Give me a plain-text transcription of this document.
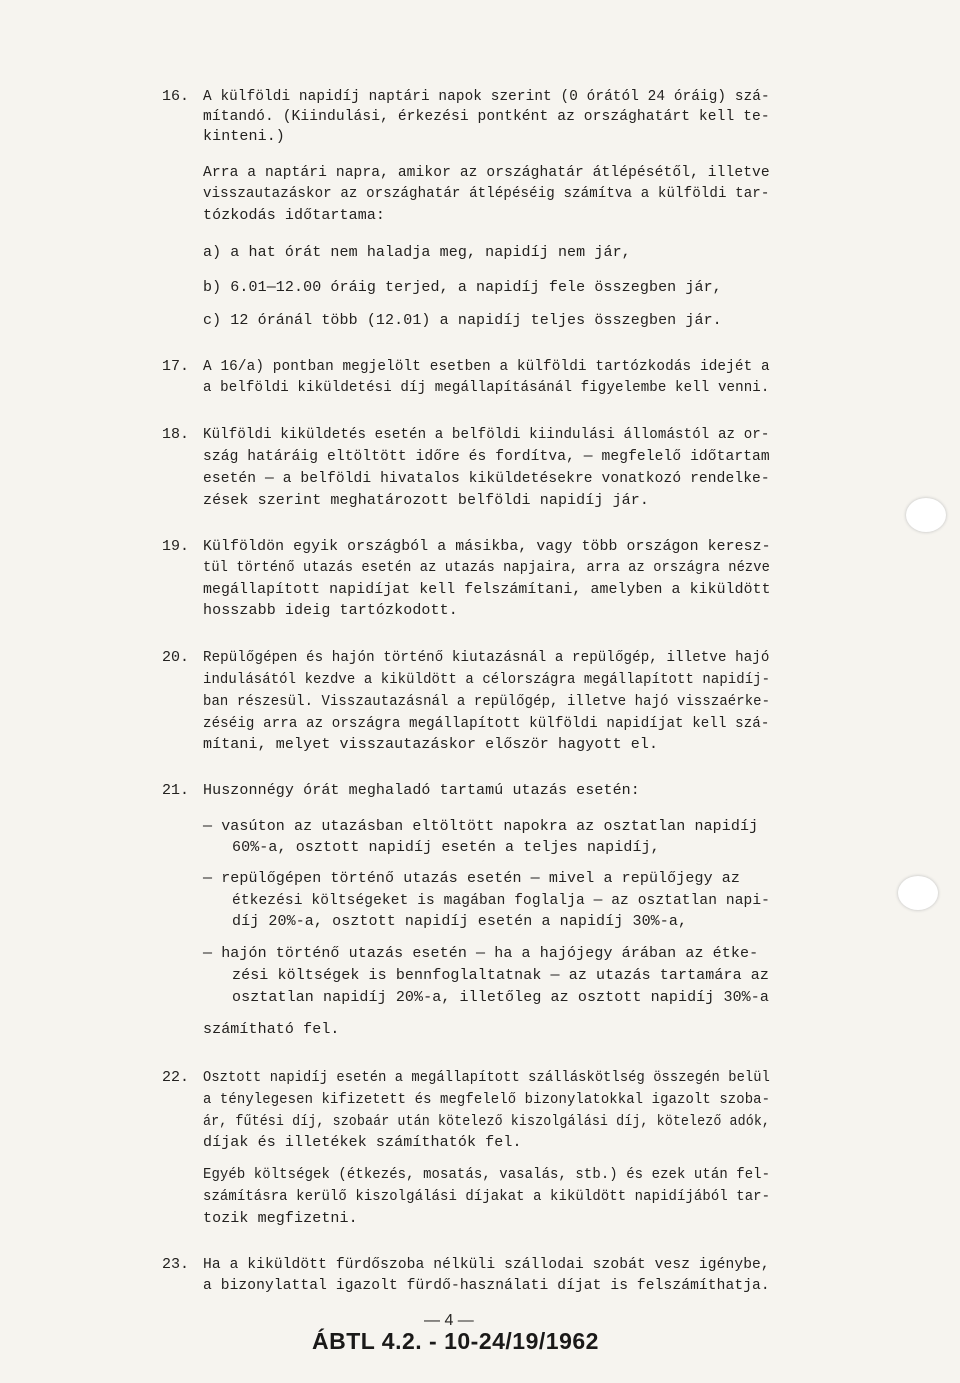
16. A külföldi napidíj naptári napok szerint (0 órától 24 óráig) szá-
mítandó. (Kiindulási, érkezési pontként az országhatárt kell te-
kinteni.)
Arra a naptári napra, amikor az országhatár átlépésétől, illetve
visszautazáskor az országhatár átlépéséig számítva a külföldi tar-
tózkodás időtartama:
a) a hat órát nem haladja meg, napidíj nem jár,
b) 6.01—12.00 óráig terjed, a napidíj fele összegben jár,
c) 12 óránál több (12.01) a napidíj teljes összegben jár.
17. A 16/a) pontban megjelölt esetben a külföldi tartózkodás idejét a
a belföldi kiküldetési díj megállapításánál figyelembe kell venni.
18. Külföldi kiküldetés esetén a belföldi kiindulási állomástól az or-
szág határáig eltöltött időre és fordítva, — megfelelő időtartam
esetén — a belföldi hivatalos kiküldetésekre vonatkozó rendelke-
zések szerint meghatározott belföldi napidíj jár.
19. Külföldön egyik országból a másikba, vagy több országon keresz-
tül történő utazás esetén az utazás napjaira, arra az országra nézve
megállapított napidíjat kell felszámítani, amelyben a kiküldött
hosszabb ideig tartózkodott.
20. Repülőgépen és hajón történő kiutazásnál a repülőgép, illetve hajó
indulásától kezdve a kiküldött a célországra megállapított napidíj-
ban részesül. Visszautazásnál a repülőgép, illetve hajó visszaérke-
zéséig arra az országra megállapított külföldi napidíjat kell szá-
mítani, melyet visszautazáskor először hagyott el.
21. Huszonnégy órát meghaladó tartamú utazás esetén:
— vasúton az utazásban eltöltött napokra az osztatlan napidíj
60%-a, osztott napidíj esetén a teljes napidíj,
— repülőgépen történő utazás esetén — mivel a repülőjegy az
étkezési költségeket is magában foglalja — az osztatlan napi-
díj 20%-a, osztott napidíj esetén a napidíj 30%-a,
— hajón történő utazás esetén — ha a hajójegy árában az étke-
zési költségek is bennfoglaltatnak — az utazás tartamára az
osztatlan napidíj 20%-a, illetőleg az osztott napidíj 30%-a
számítható fel.
22. Osztott napidíj esetén a megállapított szálláskötlség összegén belül
a ténylegesen kifizetett és megfelelő bizonylatokkal igazolt szoba-
ár, fűtési díj, szobaár után kötelező kiszolgálási díj, kötelező adók,
díjak és illetékek számíthatók fel.
Egyéb költségek (étkezés, mosatás, vasalás, stb.) és ezek után fel-
számításra kerülő kiszolgálási díjakat a kiküldött napidíjából tar-
tozik megfizetni.
23. Ha a kiküldött fürdőszoba nélküli szállodai szobát vesz igénybe,
a bizonylattal igazolt fürdő-használati díjat is felszámíthatja.
— 4 —
ÁBTL 4.2. - 10-24/19/1962
